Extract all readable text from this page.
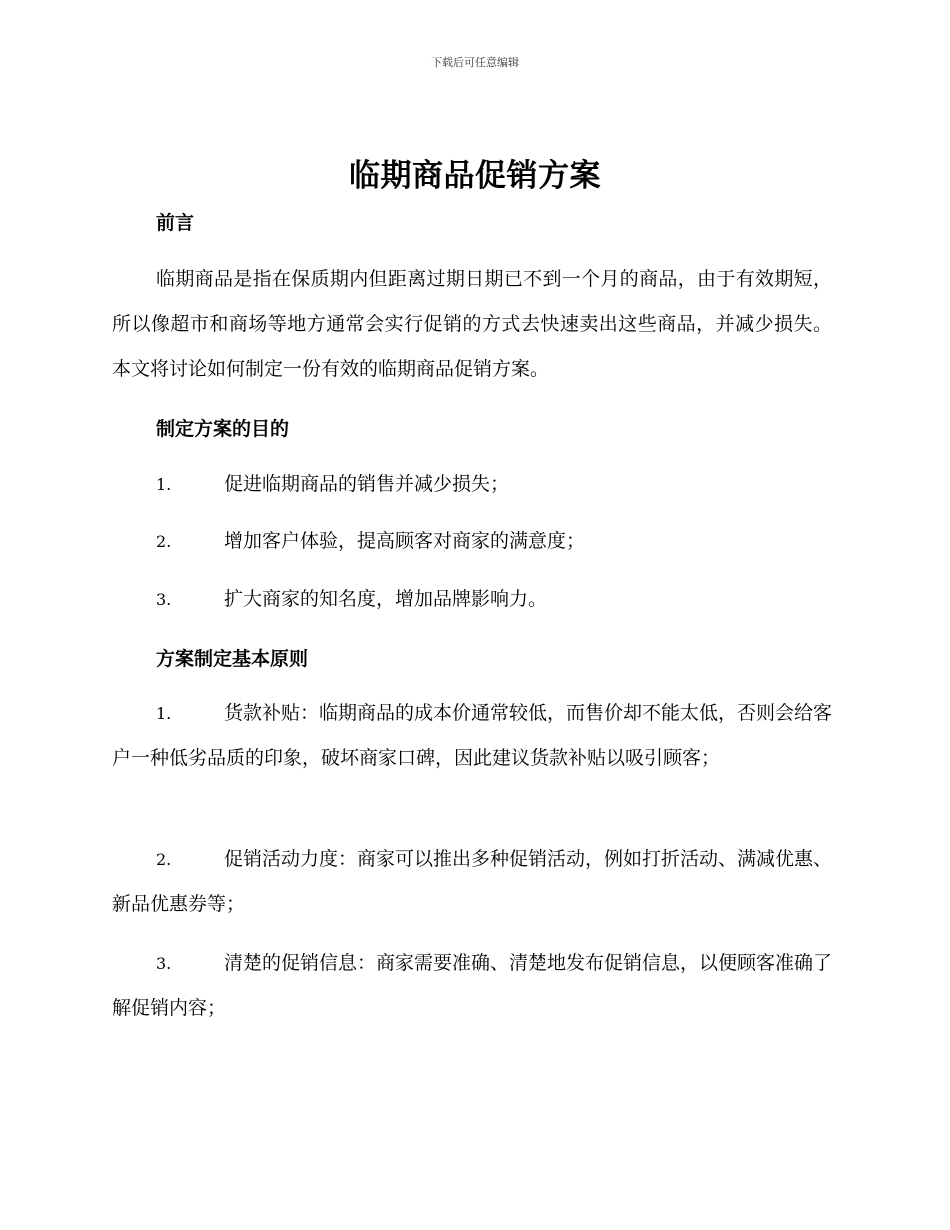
下载后可任意编辑
临期商品促销方案
前言
临期商品是指在保质期内但距离过期日期已不到一个月的商品，由于有效期短，所以像超市和商场等地方通常会实行促销的方式去快速卖出这些商品，并减少损失。本文将讨论如何制定一份有效的临期商品促销方案。
制定方案的目的
1.	促进临期商品的销售并减少损失；
2.	增加客户体验，提高顾客对商家的满意度；
3.	扩大商家的知名度，增加品牌影响力。
方案制定基本原则
1.	货款补贴：临期商品的成本价通常较低，而售价却不能太低，否则会给客户一种低劣品质的印象，破坏商家口碑，因此建议货款补贴以吸引顾客；
2.	促销活动力度：商家可以推出多种促销活动，例如打折活动、满减优惠、新品优惠券等；
3.	清楚的促销信息：商家需要准确、清楚地发布促销信息，以便顾客准确了解促销内容；
